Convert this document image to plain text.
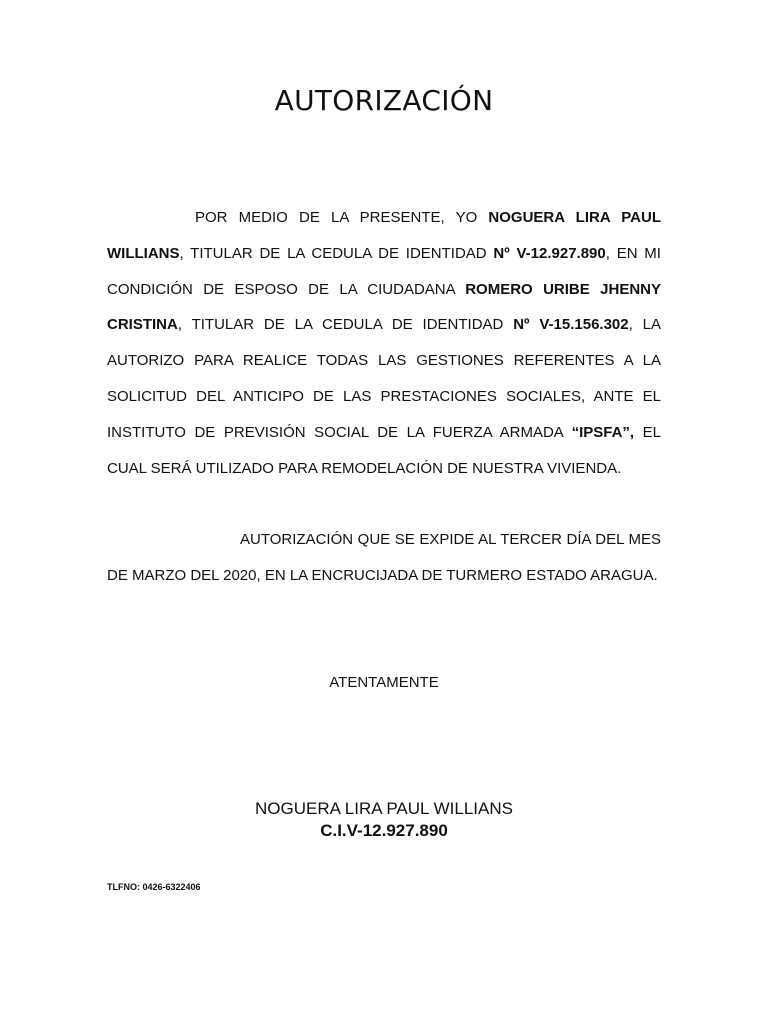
AUTORIZACIÓN

POR MEDIO DE LA PRESENTE, YO NOGUERA LIRA PAUL WILLIANS, TITULAR DE LA CEDULA DE IDENTIDAD Nº V-12.927.890, EN MI CONDICIÓN DE ESPOSO DE LA CIUDADANA ROMERO URIBE JHENNY CRISTINA, TITULAR DE LA CEDULA DE IDENTIDAD Nº V-15.156.302, LA AUTORIZO PARA REALICE TODAS LAS GESTIONES REFERENTES A LA SOLICITUD DEL ANTICIPO DE LAS PRESTACIONES SOCIALES, ANTE EL INSTITUTO DE PREVISIÓN SOCIAL DE LA FUERZA ARMADA “IPSFA”, EL CUAL SERÁ UTILIZADO PARA REMODELACIÓN DE NUESTRA VIVIENDA.

AUTORIZACIÓN QUE SE EXPIDE AL TERCER DÍA DEL MES DE MARZO DEL 2020, EN LA ENCRUCIJADA DE TURMERO ESTADO ARAGUA.

ATENTAMENTE

NOGUERA LIRA PAUL WILLIANS
C.I.V-12.927.890
TLFNO: 0426-6322406
